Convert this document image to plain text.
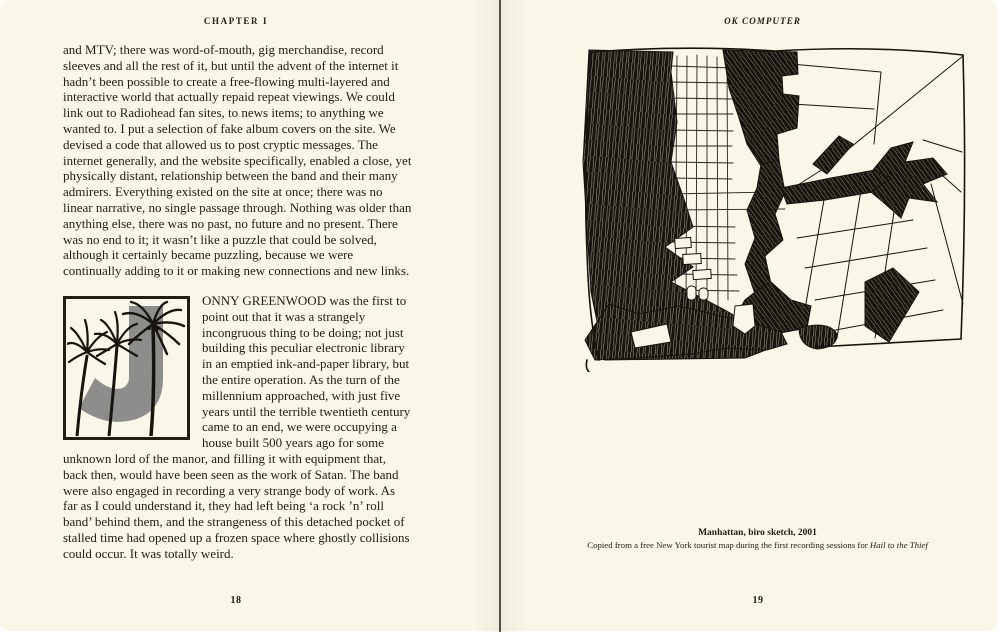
CHAPTER I

and MTV; there was word-of-mouth, gig merchandise, record sleeves and all the rest of it, but until the advent of the internet it hadn’t been possible to create a free-flowing multi-layered and interactive world that actually repaid repeat viewings. We could link out to Radiohead fan sites, to news items; to anything we wanted to. I put a selection of fake album covers on the site. We devised a code that allowed us to post cryptic messages. The internet generally, and the website specifically, enabled a close, yet physically distant, relationship between the band and their many admirers. Everything existed on the site at once; there was no linear narrative, no single passage through. Nothing was older than anything else, there was no past, no future and no present. There was no end to it; it wasn’t like a puzzle that could be solved, although it certainly became puzzling, because we were continually adding to it or making new connections and new links.

ONNY GREENWOOD was the first to point out that it was a strangely incongruous thing to be doing; not just building this peculiar electronic library in an emptied ink-and-paper library, but the entire operation. As the turn of the millennium approached, with just five years until the terrible twentieth century came to an end, we were occupying a house built 500 years ago for some unknown lord of the manor, and filling it with equipment that, back then, would have been seen as the work of Satan. The band were also engaged in recording a very strange body of work. As far as I could understand it, they had left being ‘a rock ’n’ roll band’ behind them, and the strangeness of this detached pocket of stalled time had opened up a frozen space where ghostly collisions could occur. It was totally weird.

18
OK COMPUTER
Manhattan, biro sketch, 2001
Copied from a free New York tourist map during the first recording sessions for Hail to the Thief
19
